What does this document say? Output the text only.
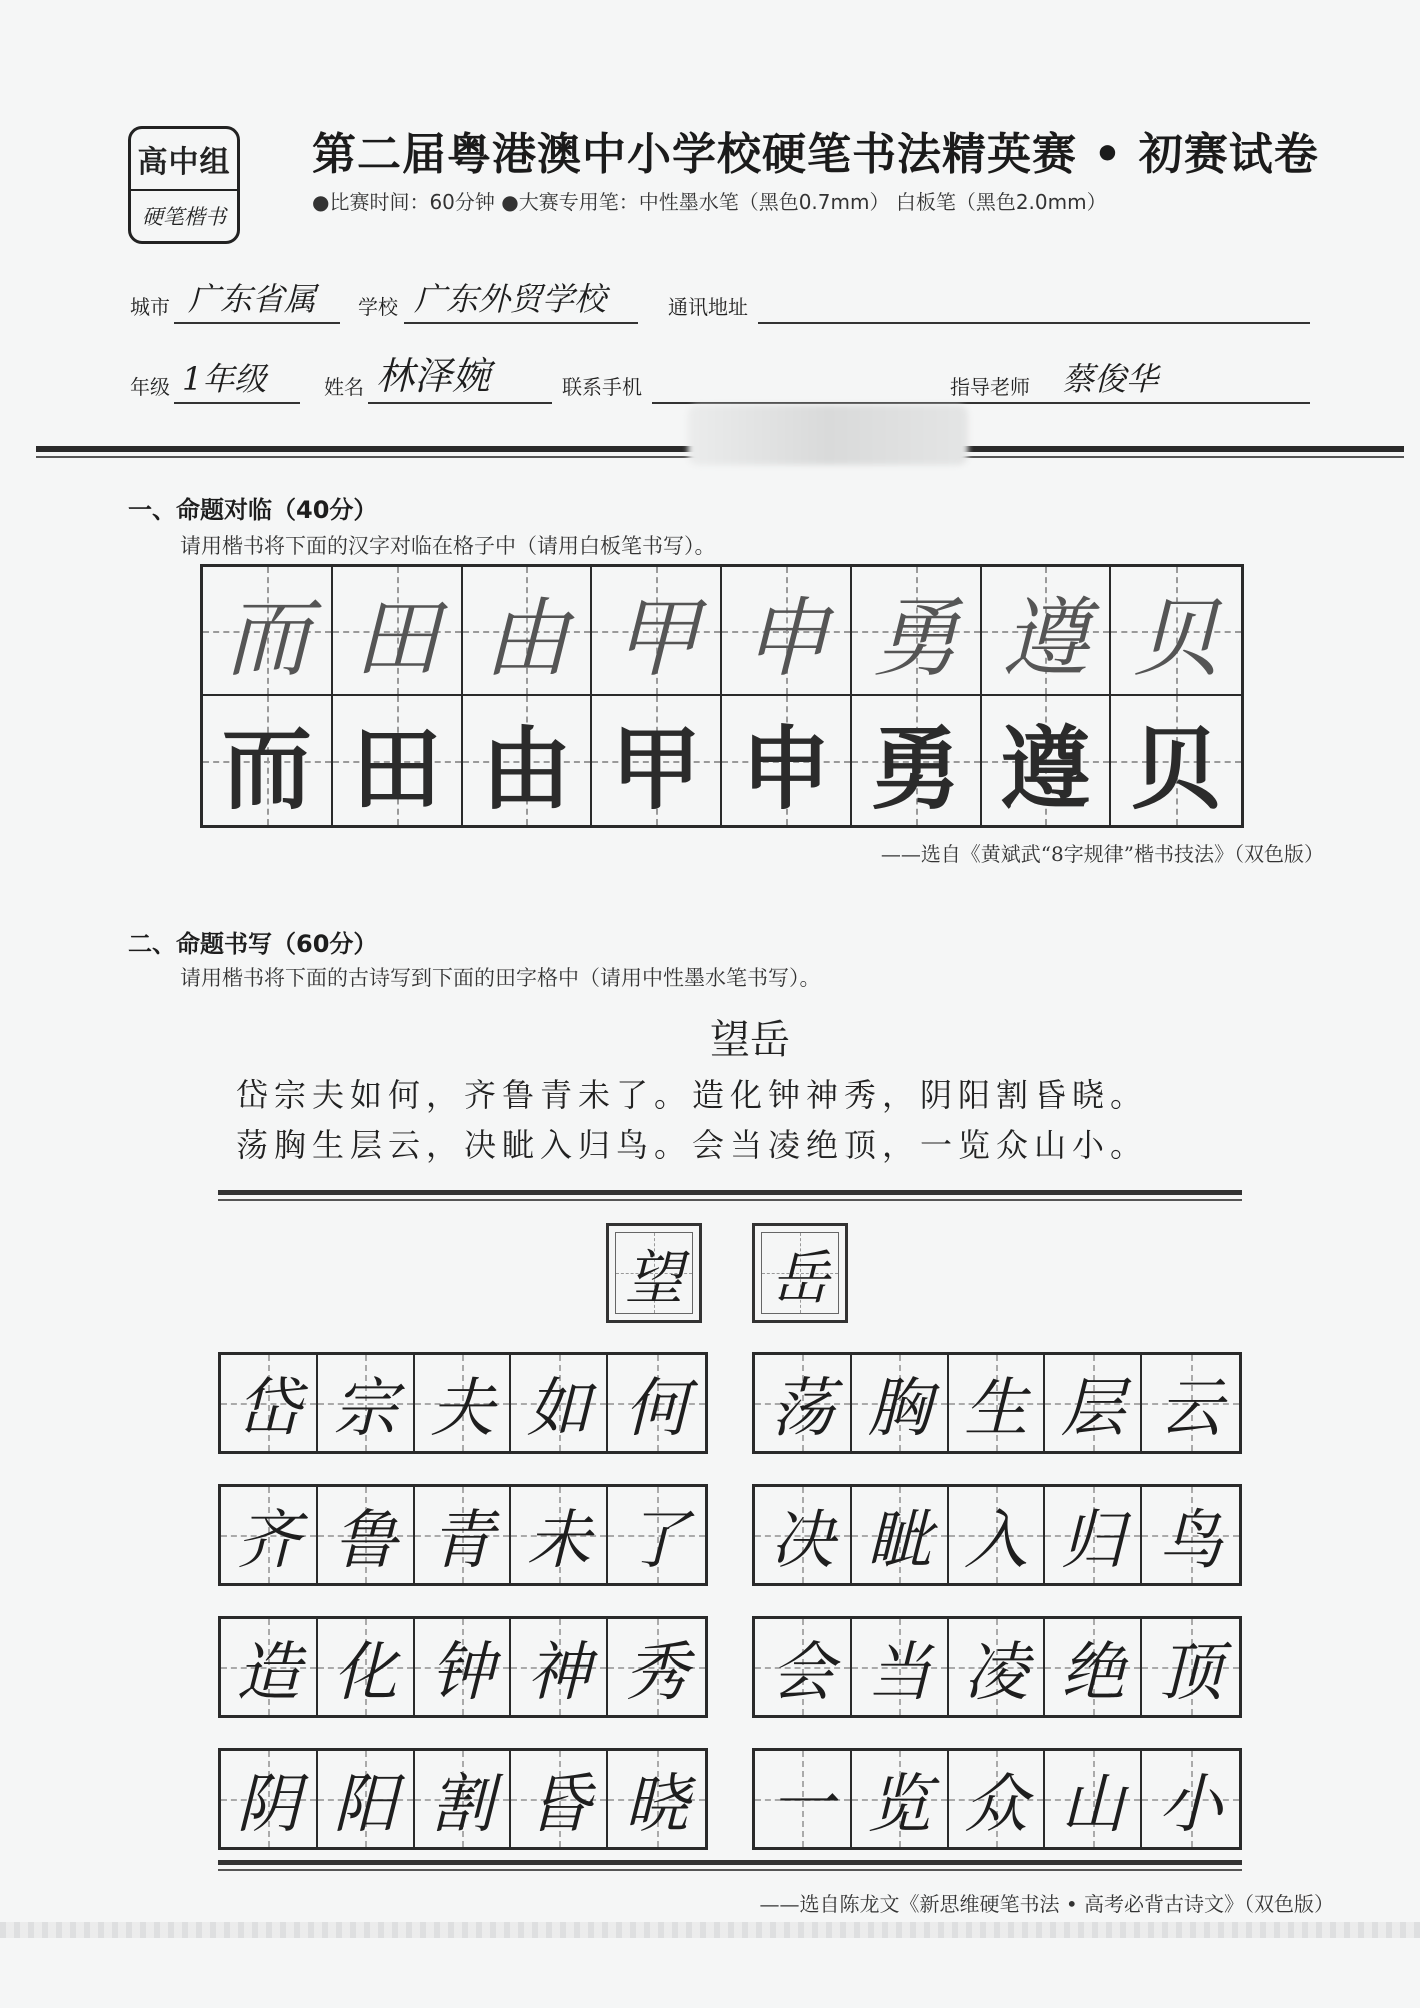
高中组
硬笔楷书
第二届粤港澳中小学校硬笔书法精英赛 • 初赛试卷
●比赛时间：60分钟 ●大赛专用笔：中性墨水笔（黑色0.7mm） 白板笔（黑色2.0mm）
城市 广东省属 学校 广东外贸学校	通讯地址
年级 1年级	姓名 林泽婉	联系手机	指导老师 蔡俊华
一、命题对临（40分）
请用楷书将下面的汉字对临在格子中（请用白板笔书写）。
而 田 由 甲 申 勇 遵 贝
而 田 由 甲 申 勇 遵 贝
——选自《黄斌武“8字规律”楷书技法》（双色版）
二、命题书写（60分）
请用楷书将下面的古诗写到下面的田字格中（请用中性墨水笔书写）。
望岳
岱宗夫如何，齐鲁青未了。造化钟神秀，阴阳割昏晓。
荡胸生层云，决眦入归鸟。会当凌绝顶，一览众山小。
望 岳
岱 宗 夫 如 何
齐 鲁 青 未 了
造 化 钟 神 秀
阴 阳 割 昏 晓
荡 胸 生 层 云
决 眦 入 归 鸟
会 当 凌 绝 顶
一 览 众 山 小
——选自陈龙文《新思维硬笔书法 • 高考必背古诗文》（双色版）
